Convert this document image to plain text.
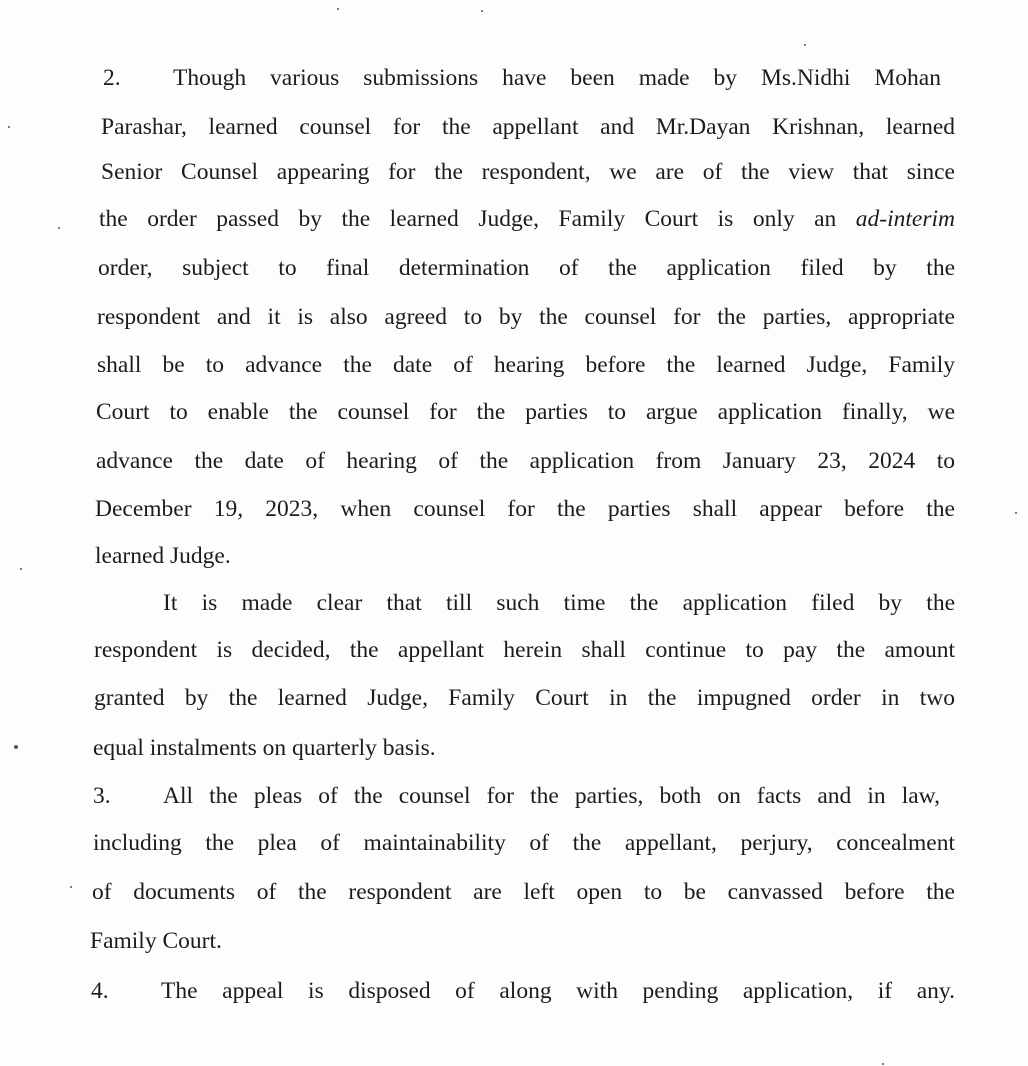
2. Though various submissions have been made by Ms.Nidhi Mohan
Parashar, learned counsel for the appellant and Mr.Dayan Krishnan, learned
Senior Counsel appearing for the respondent, we are of the view that since
the order passed by the learned Judge, Family Court is only an ad-interim
order, subject to final determination of the application filed by the
respondent and it is also agreed to by the counsel for the parties, appropriate
shall be to advance the date of hearing before the learned Judge, Family
Court to enable the counsel for the parties to argue application finally, we
advance the date of hearing of the application from January 23, 2024 to
December 19, 2023, when counsel for the parties shall appear before the
learned Judge.
It is made clear that till such time the application filed by the
respondent is decided, the appellant herein shall continue to pay the amount
granted by the learned Judge, Family Court in the impugned order in two
equal instalments on quarterly basis.
3. All the pleas of the counsel for the parties, both on facts and in law,
including the plea of maintainability of the appellant, perjury, concealment
of documents of the respondent are left open to be canvassed before the
Family Court.
4. The appeal is disposed of along with pending application, if any.
